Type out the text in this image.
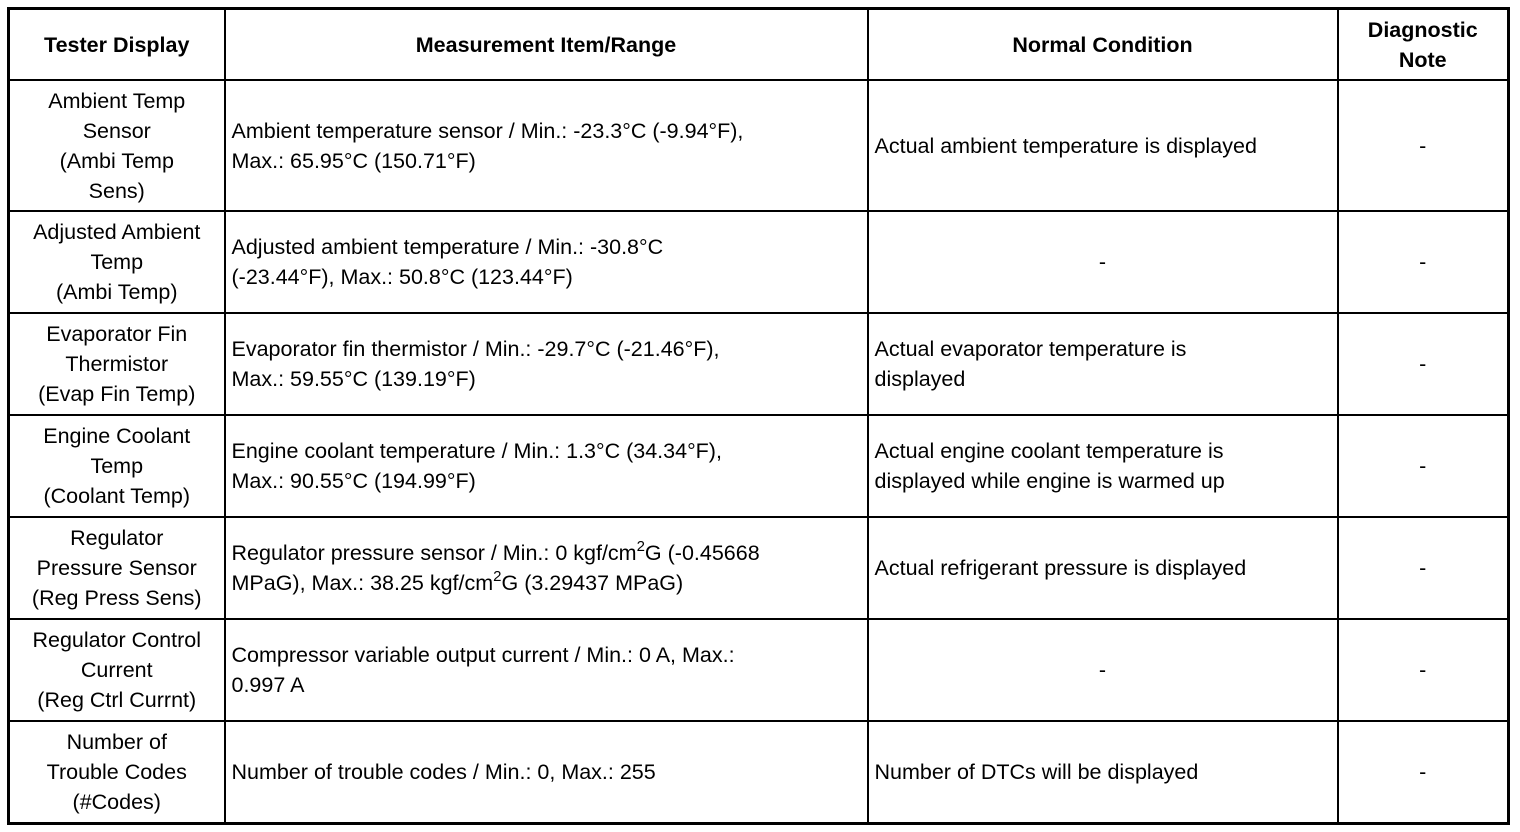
Tester Display	Measurement Item/Range	Normal Condition	Diagnostic
Note

Ambient Temp
Sensor
(Ambi Temp
Sens)	Ambient temperature sensor / Min.: -23.3°C (-9.94°F),
Max.: 65.95°C (150.71°F)	Actual ambient temperature is displayed	-

Adjusted Ambient
Temp
(Ambi Temp)	Adjusted ambient temperature / Min.: -30.8°C
(-23.44°F), Max.: 50.8°C (123.44°F)	-	-

Evaporator Fin
Thermistor
(Evap Fin Temp)	Evaporator fin thermistor / Min.: -29.7°C (-21.46°F),
Max.: 59.55°C (139.19°F)	Actual evaporator temperature is
displayed	-

Engine Coolant
Temp
(Coolant Temp)	Engine coolant temperature / Min.: 1.3°C (34.34°F),
Max.: 90.55°C (194.99°F)	Actual engine coolant temperature is
displayed while engine is warmed up	-

Regulator
Pressure Sensor
(Reg Press Sens)	Regulator pressure sensor / Min.: 0 kgf/$cm^2G$ (-0.45668
MPaG), Max.: 38.25 kgf/$cm^2G$ (3.29437 MPaG)	Actual refrigerant pressure is displayed	-

Regulator Control
Current
(Reg Ctrl Currnt)	Compressor variable output current / Min.: 0 A, Max.:
0.997 A	-	-

Number of
Trouble Codes
(#Codes)	Number of trouble codes / Min.: 0, Max.: 255	Number of DTCs will be displayed	-
